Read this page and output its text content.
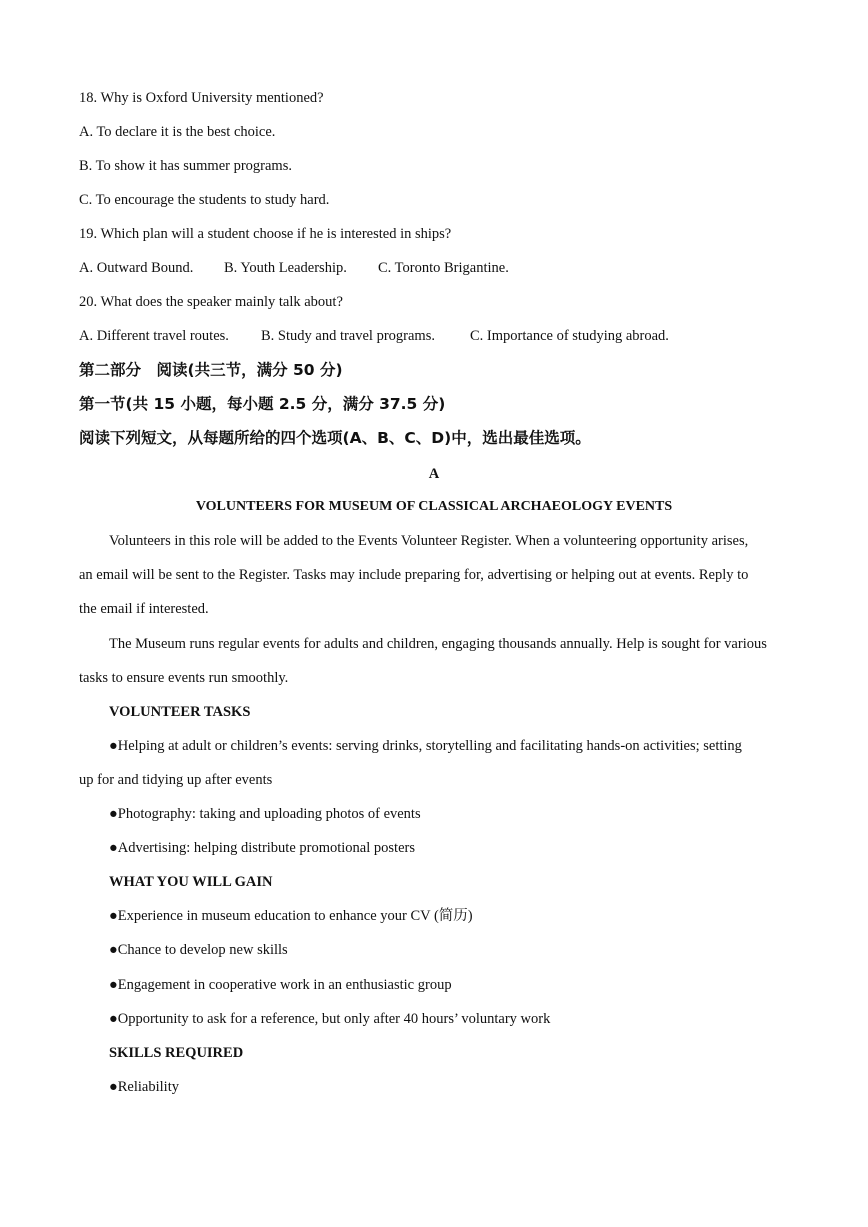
18. Why is Oxford University mentioned?
A. To declare it is the best choice.
B. To show it has summer programs.
C. To encourage the students to study hard.
19. Which plan will a student choose if he is interested in ships?
A. Outward Bound. B. Youth Leadership. C. Toronto Brigantine.
20. What does the speaker mainly talk about?
A. Different travel routes. B. Study and travel programs. C. Importance of studying abroad.
第二部分　阅读(共三节，满分 50 分)
第一节(共 15 小题，每小题 2.5 分，满分 37.5 分)
阅读下列短文，从每题所给的四个选项(A、B、C、D)中，选出最佳选项。
A
VOLUNTEERS FOR MUSEUM OF CLASSICAL ARCHAEOLOGY EVENTS
Volunteers in this role will be added to the Events Volunteer Register. When a volunteering opportunity arises,
an email will be sent to the Register. Tasks may include preparing for, advertising or helping out at events. Reply to
the email if interested.
The Museum runs regular events for adults and children, engaging thousands annually. Help is sought for various
tasks to ensure events run smoothly.
VOLUNTEER TASKS
●Helping at adult or children’s events: serving drinks, storytelling and facilitating hands-on activities; setting
up for and tidying up after events
●Photography: taking and uploading photos of events
●Advertising: helping distribute promotional posters
WHAT YOU WILL GAIN
●Experience in museum education to enhance your CV (简历)
●Chance to develop new skills
●Engagement in cooperative work in an enthusiastic group
●Opportunity to ask for a reference, but only after 40 hours’ voluntary work
SKILLS REQUIRED
●Reliability
